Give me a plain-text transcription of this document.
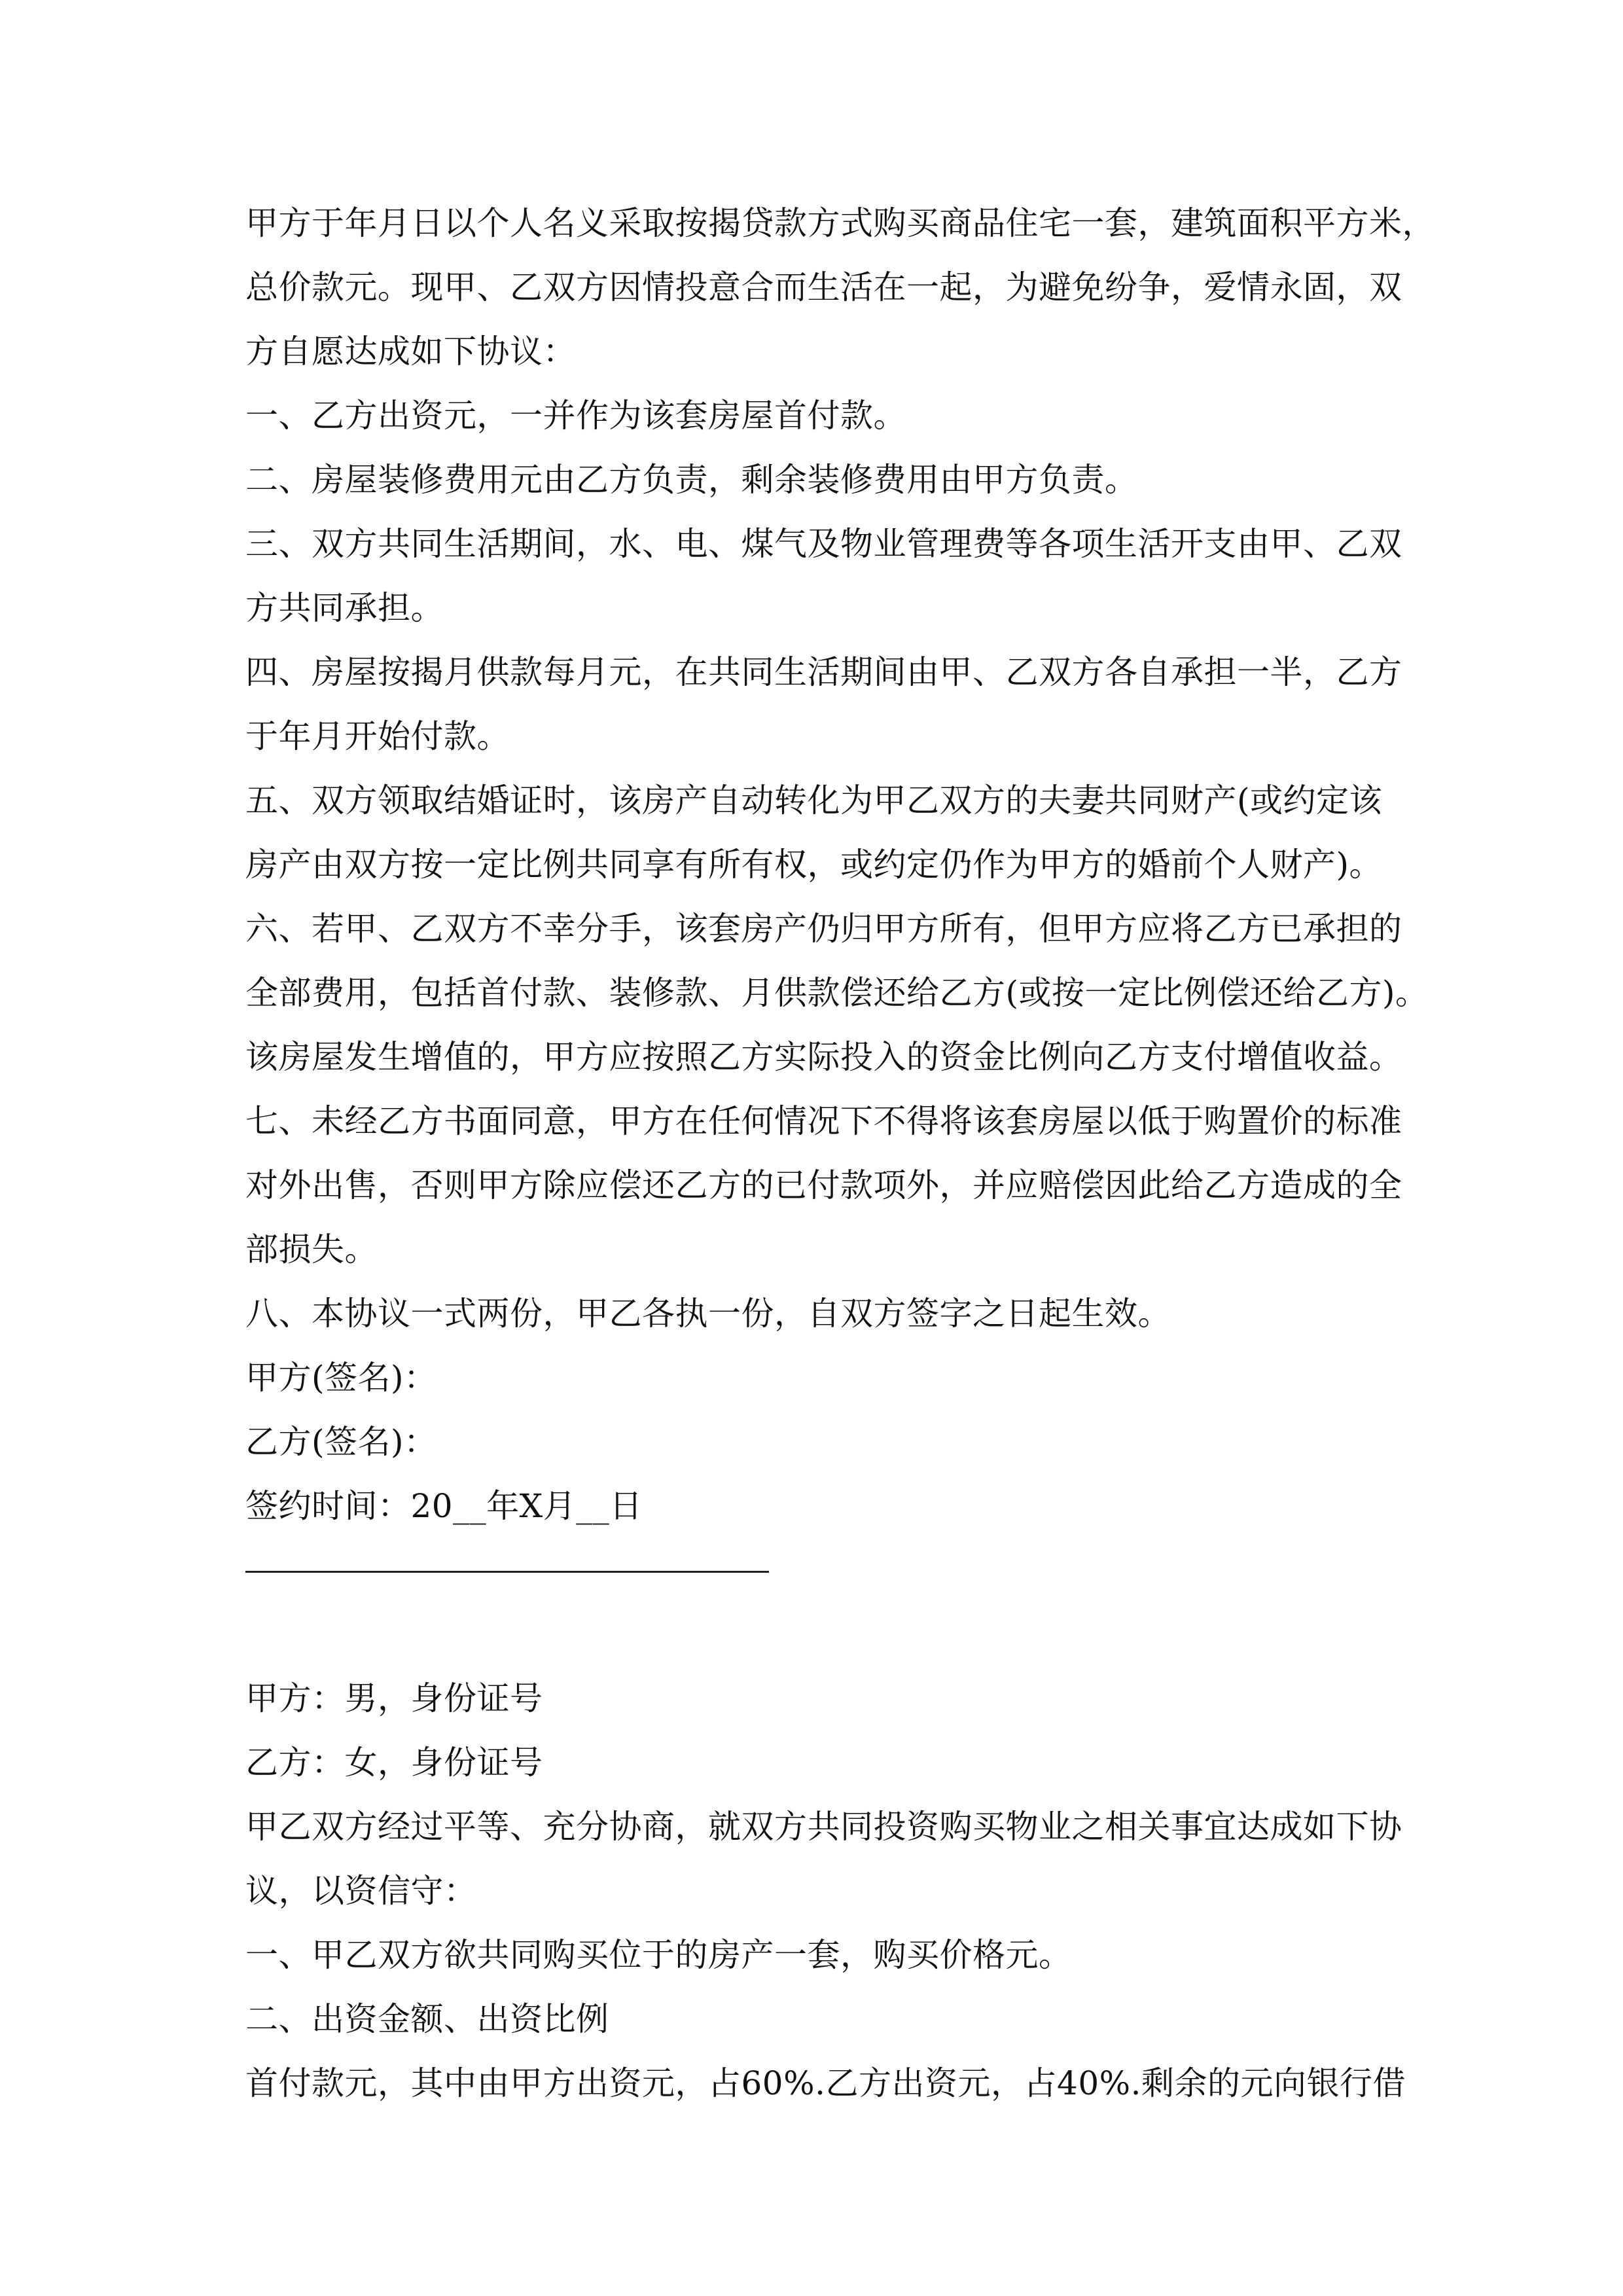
甲方于年月日以个人名义采取按揭贷款方式购买商品住宅一套，建筑面积平方米，
总价款元。现甲、乙双方因情投意合而生活在一起，为避免纷争，爱情永固，双
方自愿达成如下协议：
一、乙方出资元，一并作为该套房屋首付款。
二、房屋装修费用元由乙方负责，剩余装修费用由甲方负责。
三、双方共同生活期间，水、电、煤气及物业管理费等各项生活开支由甲、乙双
方共同承担。
四、房屋按揭月供款每月元，在共同生活期间由甲、乙双方各自承担一半，乙方
于年月开始付款。
五、双方领取结婚证时，该房产自动转化为甲乙双方的夫妻共同财产(或约定该
房产由双方按一定比例共同享有所有权，或约定仍作为甲方的婚前个人财产)。
六、若甲、乙双方不幸分手，该套房产仍归甲方所有，但甲方应将乙方已承担的
全部费用，包括首付款、装修款、月供款偿还给乙方(或按一定比例偿还给乙方)。
该房屋发生增值的，甲方应按照乙方实际投入的资金比例向乙方支付增值收益。
七、未经乙方书面同意，甲方在任何情况下不得将该套房屋以低于购置价的标准
对外出售，否则甲方除应偿还乙方的已付款项外，并应赔偿因此给乙方造成的全
部损失。
八、本协议一式两份，甲乙各执一份，自双方签字之日起生效。
甲方(签名)：
乙方(签名)：
签约时间：20__年X月__日
甲方：男，身份证号
乙方：女，身份证号
甲乙双方经过平等、充分协商，就双方共同投资购买物业之相关事宜达成如下协
议，以资信守：
一、甲乙双方欲共同购买位于的房产一套，购买价格元。
二、出资金额、出资比例
首付款元，其中由甲方出资元，占60%.乙方出资元，占40%.剩余的元向银行借
